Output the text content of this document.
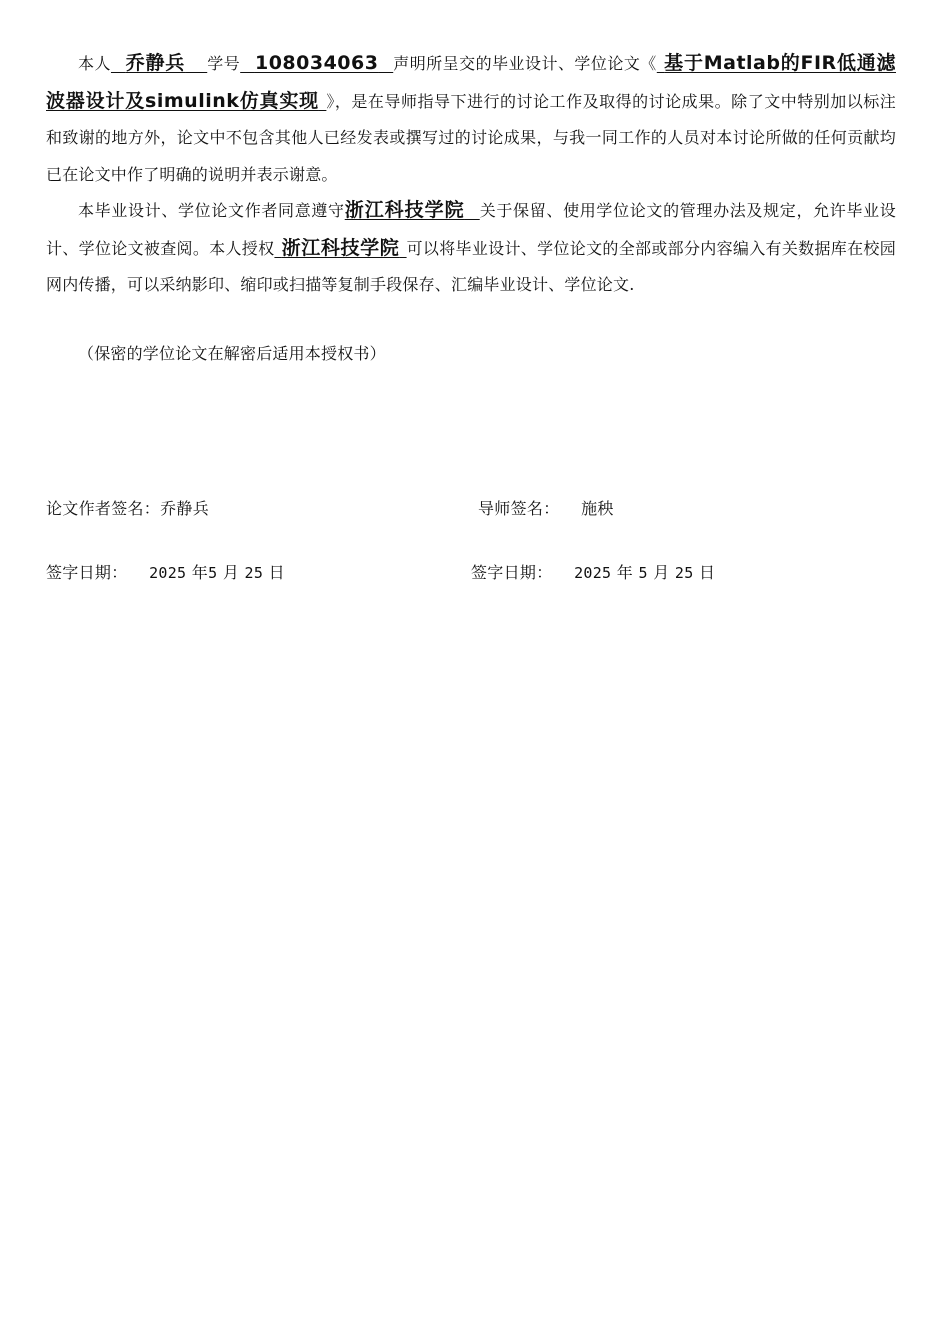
本人 乔静兵 学号 108034063 声明所呈交的毕业设计、学位论文《 基于Matlab的FIR低通滤波器设计及simulink仿真实现 》，是在导师指导下进行的讨论工作及取得的讨论成果。除了文中特别加以标注和致谢的地方外，论文中不包含其他人已经发表或撰写过的讨论成果，与我一同工作的人员对本讨论所做的任何贡献均已在论文中作了明确的说明并表示谢意。

本毕业设计、学位论文作者同意遵守浙江科技学院 关于保留、使用学位论文的管理办法及规定，允许毕业设计、学位论文被查阅。本人授权 浙江科技学院 可以将毕业设计、学位论文的全部或部分内容编入有关数据库在校园网内传播，可以采纳影印、缩印或扫描等复制手段保存、汇编毕业设计、学位论文.

（保密的学位论文在解密后适用本授权书）

论文作者签名：乔静兵	导师签名： 施秧
签字日期： 2025 年5 月 25 日	签字日期： 2025 年 5 月 25 日
